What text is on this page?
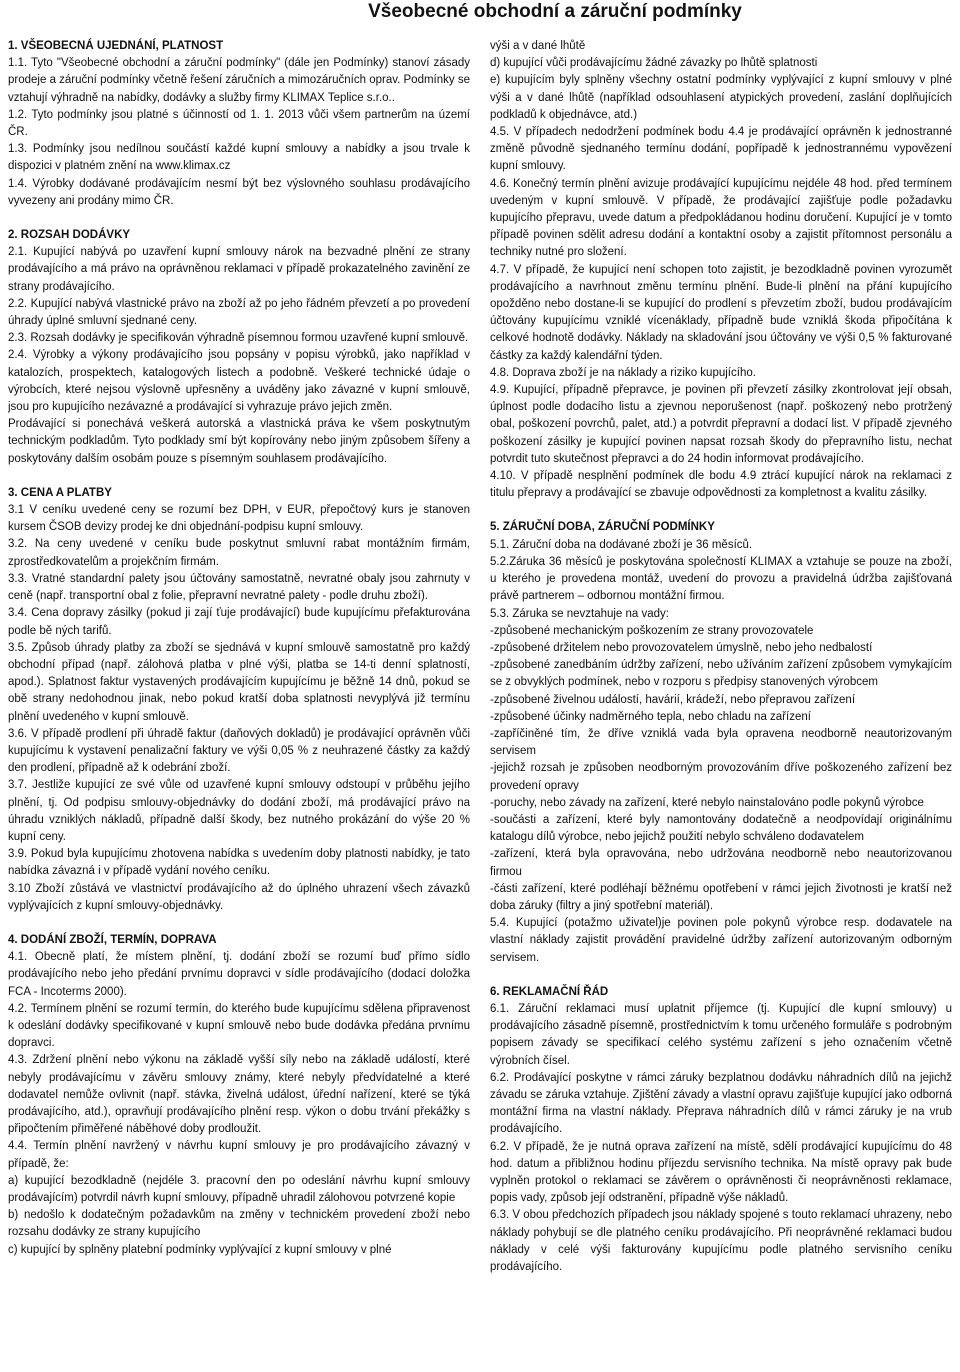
Všeobecné obchodní a záruční podmínky

1. VŠEOBECNÁ UJEDNÁNÍ, PLATNOST

1.1. Tyto "Všeobecné obchodní a záruční podmínky" (dále jen Podmínky) stanoví zásady prodeje a záruční podmínky včetně řešení záručních a mimozáručních oprav. Podmínky se vztahují výhradně na nabídky, dodávky a služby firmy KLIMAX Teplice s.r.o..

1.2. Tyto podmínky jsou platné s účinností od 1. 1. 2013 vůči všem partnerům na území ČR.

1.3. Podmínky jsou nedílnou součástí každé kupní smlouvy a nabídky a jsou trvale k dispozici v platném znění na www.klimax.cz

1.4. Výrobky dodávané prodávajícím nesmí být bez výslovného souhlasu prodávajícího vyvezeny ani prodány mimo ČR.

2. ROZSAH DODÁVKY

2.1. Kupující nabývá po uzavření kupní smlouvy nárok na bezvadné plnění ze strany prodávajícího a má právo na oprávněnou reklamaci v případě prokazatelného zavinění ze strany prodávajícího.

2.2. Kupující nabývá vlastnické právo na zboží až po jeho řádném převzetí a po provedení úhrady úplné smluvní sjednané ceny.

2.3. Rozsah dodávky je specifikován výhradně písemnou formou uzavřené kupní smlouvě.

2.4. Výrobky a výkony prodávajícího jsou popsány v popisu výrobků, jako například v katalozích, prospektech, katalogových listech a podobně. Veškeré technické údaje o výrobcích, které nejsou výslovně upřesněny a uváděny jako závazné v kupní smlouvě, jsou pro kupujícího nezávazné a prodávající si vyhrazuje právo jejich změn.

Prodávající si ponechává veškerá autorská a vlastnická práva ke všem poskytnutým technickým podkladům. Tyto podklady smí být kopírovány nebo jiným způsobem šířeny a poskytovány dalším osobám pouze s písemným souhlasem prodávajícího.

3. CENA A PLATBY

3.1 V ceníku uvedené ceny se rozumí bez DPH, v EUR, přepočtový kurs je stanoven kursem ČSOB devizy prodej ke dni objednání-podpisu kupní smlouvy.

3.2. Na ceny uvedené v ceníku bude poskytnut smluvní rabat montážním firmám, zprostředkovatelům a projekčním firmám.

3.3. Vratné standardní palety jsou účtovány samostatně, nevratné obaly jsou zahrnuty v ceně (např. transportní obal z folie, přepravní nevratné palety - podle druhu zboží).

3.4. Cena dopravy zásilky (pokud ji zají ťuje prodávající) bude kupujícímu přefakturována podle bě ných tarifů.

3.5. Způsob úhrady platby za zboží se sjednává v kupní smlouvě samostatně pro každý obchodní případ (např. zálohová platba v plné výši, platba se 14-ti denní splatností, apod.). Splatnost faktur vystavených prodávajícím kupujícímu je běžně 14 dnů, pokud se obě strany nedohodnou jinak, nebo pokud kratší doba splatnosti nevyplývá již termínu plnění uvedeného v kupní smlouvě.

3.6. V případě prodlení při úhradě faktur (daňových dokladů) je prodávající oprávněn vůči kupujícímu k vystavení penalizační faktury ve výši 0,05 % z neuhrazené částky za každý den prodlení, případně až k odebrání zboží.

3.7. Jestliže kupující ze své vůle od uzavřené kupní smlouvy odstoupí v průběhu jejího plnění, tj. Od podpisu smlouvy-objednávky do dodání zboží, má prodávající právo na úhradu vzniklých nákladů, případně další škody, bez nutného prokázání do výše 20 % kupní ceny.

3.9. Pokud byla kupujícímu zhotovena nabídka s uvedením doby platnosti nabídky, je tato nabídka závazná i v případě vydání nového ceníku.

3.10 Zboží zůstává ve vlastnictví prodávajícího až do úplného uhrazení všech závazků vyplývajících z kupní smlouvy-objednávky.

4. DODÁNÍ ZBOŽÍ, TERMÍN, DOPRAVA

4.1. Obecně platí, že místem plnění, tj. dodání zboží se rozumí buď přímo sídlo prodávajícího nebo jeho předání prvnímu dopravci v sídle prodávajícího (dodací doložka FCA - Incoterms 2000).

4.2. Termínem plnění se rozumí termín, do kterého bude kupujícímu sdělena připravenost k odeslání dodávky specifikované v kupní smlouvě nebo bude dodávka předána prvnímu dopravci.

4.3. Zdržení plnění nebo výkonu na základě vyšší síly nebo na základě událostí, které nebyly prodávajícímu v závěru smlouvy známy, které nebyly předvídatelné a které dodavatel nemůže ovlivnit (např. stávka, živelná událost, úřední nařízení, které se týká prodávajícího, atd.), opravňují prodávajícího plnění resp. výkon o dobu trvání překážky s připočtením přiměřené náběhové doby prodloužit.

4.4. Termín plnění navržený v návrhu kupní smlouvy je pro prodávajícího závazný v případě, že:

a) kupující bezodkladně (nejdéle 3. pracovní den po odeslání návrhu kupní smlouvy prodávajícím) potvrdil návrh kupní smlouvy, případně uhradil zálohovou potvrzené kopie

b) nedošlo k dodatečným požadavkům na změny v technickém provedení zboží nebo rozsahu dodávky ze strany kupujícího

c) kupující by splněny platební podmínky vyplývající z kupní smlouvy v plné

výši a v dané lhůtě

d) kupující vůči prodávajícímu žádné závazky po lhůtě splatnosti

e) kupujícím byly splněny všechny ostatní podmínky vyplývající z kupní smlouvy v plné výši a v dané lhůtě (například odsouhlasení atypických provedení, zaslání doplňujících podkladů k objednávce, atd.)

4.5. V případech nedodržení podmínek bodu 4.4 je prodávající oprávněn k jednostranné změně původně sjednaného termínu dodání, popřípadě k jednostrannému vypovězení kupní smlouvy.

4.6. Konečný termín plnění avizuje prodávající kupujícímu nejdéle 48 hod. před termínem uvedeným v kupní smlouvě. V případě, že prodávající zajišťuje podle požadavku kupujícího přepravu, uvede datum a předpokládanou hodinu doručení. Kupující je v tomto případě povinen sdělit adresu dodání a kontaktní osoby a zajistit přítomnost personálu a techniky nutné pro složení.

4.7. V případě, že kupující není schopen toto zajistit, je bezodkladně povinen vyrozumět prodávajícího a navrhnout změnu termínu plnění. Bude-li plnění na přání kupujícího opožděno nebo dostane-li se kupující do prodlení s převzetím zboží, budou prodávajícím účtovány kupujícímu vzniklé vícenáklady, případně bude vzniklá škoda připočítána k celkové hodnotě dodávky. Náklady na skladování jsou účtovány ve výši 0,5 % fakturované částky za každý kalendářní týden.

4.8. Doprava zboží je na náklady a riziko kupujícího.

4.9. Kupující, případně přepravce, je povinen při převzetí zásilky zkontrolovat její obsah, úplnost podle dodacího listu a zjevnou neporušenost (např. poškozený nebo protržený obal, poškození povrchů, palet, atd.) a potvrdit přepravní a dodací list. V případě zjevného poškození zásilky je kupující povinen napsat rozsah škody do přepravního listu, nechat potvrdit tuto skutečnost přepravci a do 24 hodin informovat prodávajícího.

4.10. V případě nesplnění podmínek dle bodu 4.9 ztrácí kupující nárok na reklamaci z titulu přepravy a prodávající se zbavuje odpovědnosti za kompletnost a kvalitu zásilky.

5. ZÁRUČNÍ DOBA, ZÁRUČNÍ PODMÍNKY

5.1. Záruční doba na dodávané zboží je 36 měsíců.

5.2.Záruka 36 měsíců je poskytována společností KLIMAX a vztahuje se pouze na zboží, u kterého je provedena montáž, uvedení do provozu a pravidelná údržba zajišťovaná právě partnerem – odbornou montážní firmou.

5.3. Záruka se nevztahuje na vady:

-způsobené mechanickým poškozením ze strany provozovatele

-způsobené držitelem nebo provozovatelem úmyslně, nebo jeho nedbalostí

-způsobené zanedbáním údržby zařízení, nebo užíváním zařízení způsobem vymykajícím se z obvyklých podmínek, nebo v rozporu s předpisy stanovených výrobcem

-způsobené živelnou událostí, havárií, krádeží, nebo přepravou zařízení

-způsobené účinky nadměrného tepla, nebo chladu na zařízení

-zapříčiněné tím, že dříve vzniklá vada byla opravena neodborně neautorizovaným servisem

-jejichž rozsah je způsoben neodborným provozováním dříve poškozeného zařízení bez provedení opravy

-poruchy, nebo závady na zařízení, které nebylo nainstalováno podle pokynů výrobce

-součásti a zařízení, které byly namontovány dodatečně a neodpovídají originálnímu katalogu dílů výrobce, nebo jejichž použití nebylo schváleno dodavatelem

-zařízení, která byla opravována, nebo udržována neodborně nebo neautorizovanou firmou

-části zařízení, které podléhají běžnému opotřebení v rámci jejich životnosti je kratší než doba záruky (filtry a jiný spotřební materiál).

5.4. Kupující (potažmo uživatel)je povinen pole pokynů výrobce resp. dodavatele na vlastní náklady zajistit provádění pravidelné údržby zařízení autorizovaným odborným servisem.

6. REKLAMAČNÍ ŘÁD

6.1. Záruční reklamaci musí uplatnit příjemce (tj. Kupující dle kupní smlouvy) u prodávajícího zásadně písemně, prostřednictvím k tomu určeného formuláře s podrobným popisem závady se specifikací celého systému zařízení s jeho označením včetně výrobních čísel.

6.2. Prodávající poskytne v rámci záruky bezplatnou dodávku náhradních dílů na jejichž závadu se záruka vztahuje. Zjištění závady a vlastní opravu zajišťuje kupující jako odborná montážní firma na vlastní náklady. Přeprava náhradních dílů v rámci záruky je na vrub prodávajícího.

6.2. V případě, že je nutná oprava zařízení na místě, sdělí prodávající kupujícímu do 48 hod. datum a přibližnou hodinu příjezdu servisního technika. Na místě opravy pak bude vyplněn protokol o reklamaci se závěrem o oprávněnosti či neoprávněnosti reklamace, popis vady, způsob její odstranění, případně výše nákladů.

6.3. V obou předchozích případech jsou náklady spojené s touto reklamací uhrazeny, nebo náklady pohybují se dle platného ceníku prodávajícího. Při neoprávněné reklamaci budou náklady v celé výši fakturovány kupujícímu podle platného servisního ceníku prodávajícího.
